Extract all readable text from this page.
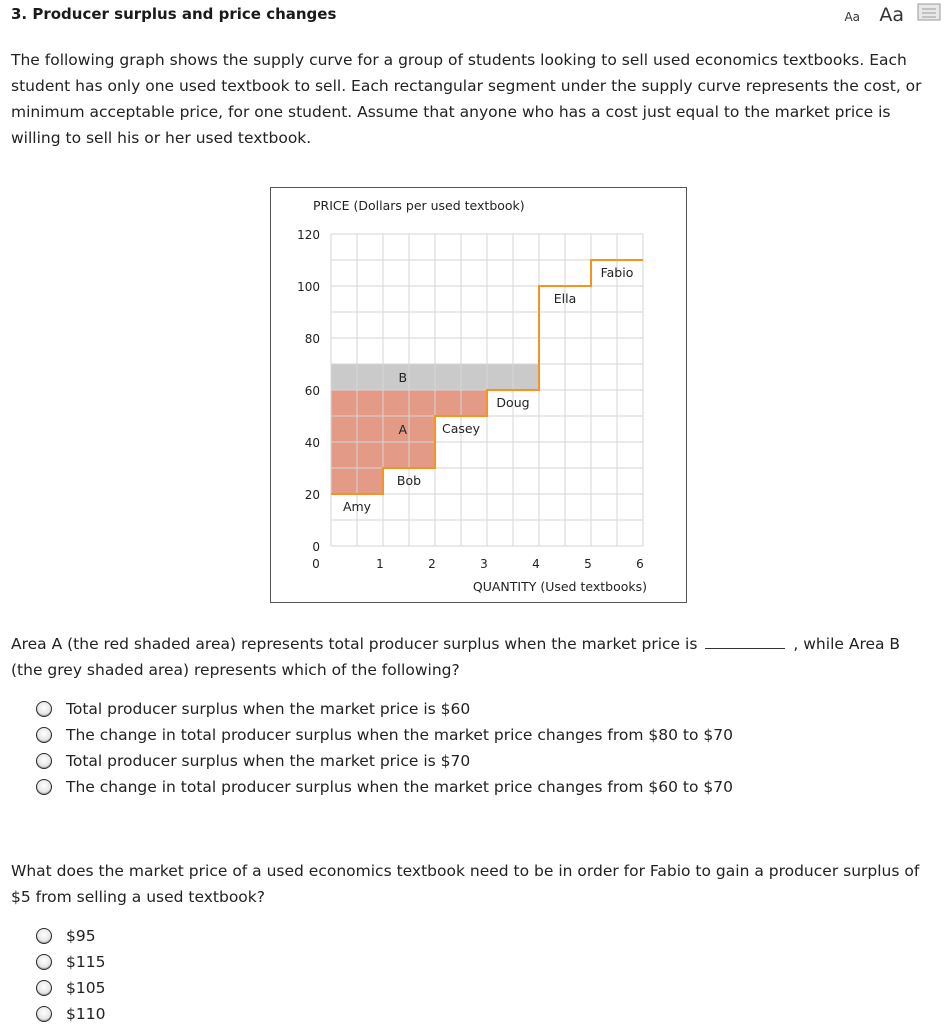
3. Producer surplus and price changes	Aa Aa
The following graph shows the supply curve for a group of students looking to sell used economics textbooks. Each student has only one used textbook to sell. Each rectangular segment under the supply curve represents the cost, or minimum acceptable price, for one student. Assume that anyone who has a cost just equal to the market price is willing to sell his or her used textbook.
Amy
Bob
Casey
Doug
Ella
Fabio
A
B
0
20
40
60
80
100
120
0	1	2	3	4	5	6
PRICE (Dollars per used textbook)
QUANTITY (Used textbooks)
Area A (the red shaded area) represents total producer surplus when the market price is	, while Area B (the grey shaded area) represents which of the following?
Total producer surplus when the market price is $60
The change in total producer surplus when the market price changes from $80 to $70
Total producer surplus when the market price is $70
The change in total producer surplus when the market price changes from $60 to $70
What does the market price of a used economics textbook need to be in order for Fabio to gain a producer surplus of $5 from selling a used textbook?
$95
$115
$105
$110
